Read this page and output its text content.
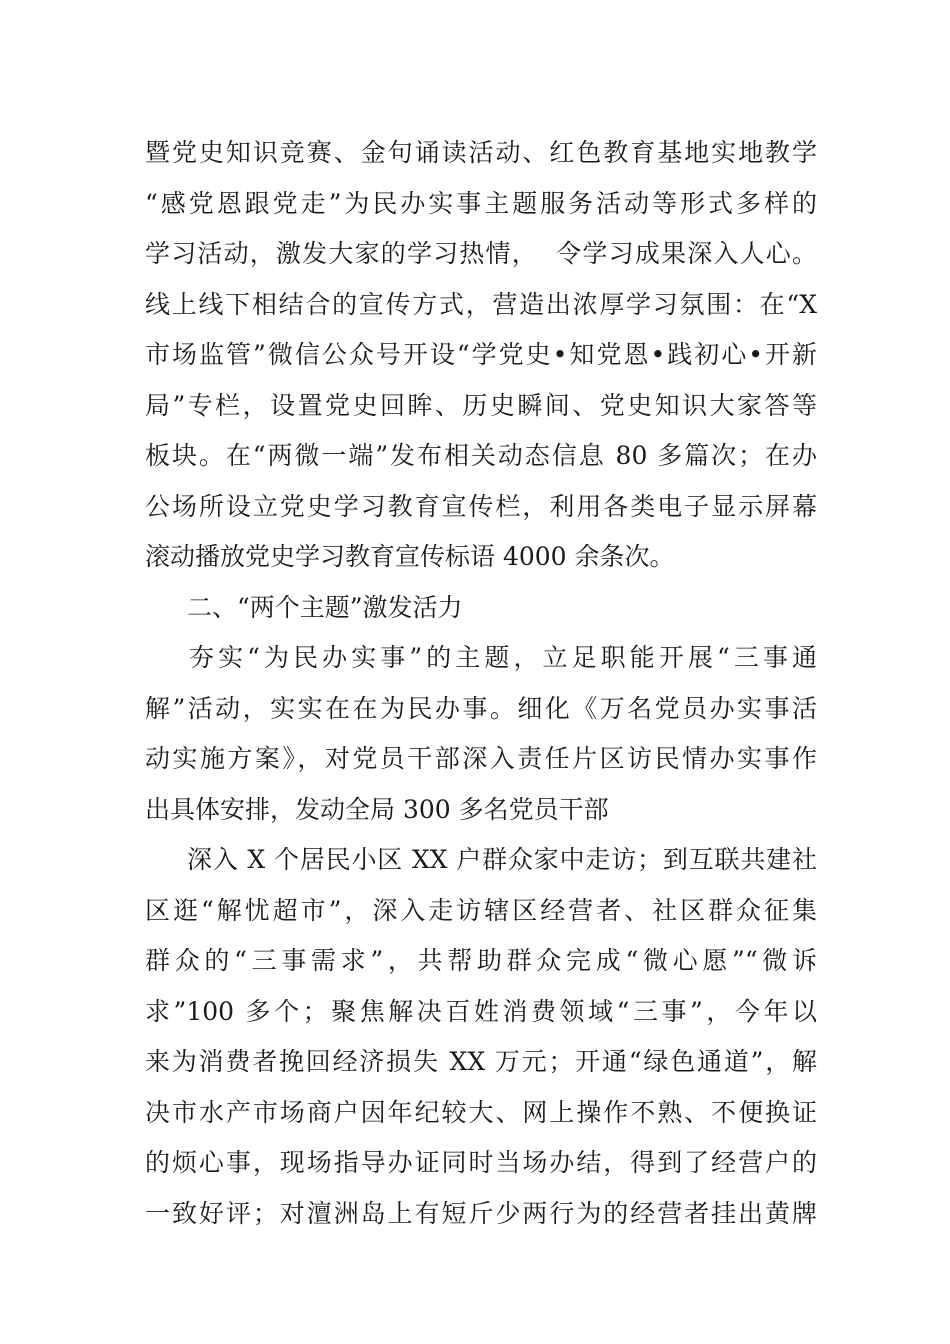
暨党史知识竞赛、金句诵读活动、红色教育基地实地教学
“感党恩跟党走”为民办实事主题服务活动等形式多样的
学习活动，激发大家的学习热情，  令学习成果深入人心。
线上线下相结合的宣传方式，营造出浓厚学习氛围：在“X
市场监管”微信公众号开设“学党史•知党恩•践初心•开新
局”专栏，设置党史回眸、历史瞬间、党史知识大家答等
板块。在“两微一端”发布相关动态信息 80 多篇次；在办
公场所设立党史学习教育宣传栏，利用各类电子显示屏幕
滚动播放党史学习教育宣传标语 4000 余条次。
二、“两个主题”激发活力
夯实“为民办实事”的主题，立足职能开展“三事通
解”活动，实实在在为民办事。细化《万名党员办实事活
动实施方案》，对党员干部深入责任片区访民情办实事作
出具体安排，发动全局 300 多名党员干部
深入 X 个居民小区 XX 户群众家中走访；到互联共建社
区逛“解忧超市”，深入走访辖区经营者、社区群众征集
群众的“三事需求”，共帮助群众完成“微心愿”“微诉
求”100 多个；聚焦解决百姓消费领域“三事”，今年以
来为消费者挽回经济损失 XX 万元；开通“绿色通道”，解
决市水产市场商户因年纪较大、网上操作不熟、不便换证
的烦心事，现场指导办证同时当场办结，得到了经营户的
一致好评；对澶洲岛上有短斤少两行为的经营者挂出黄牌
